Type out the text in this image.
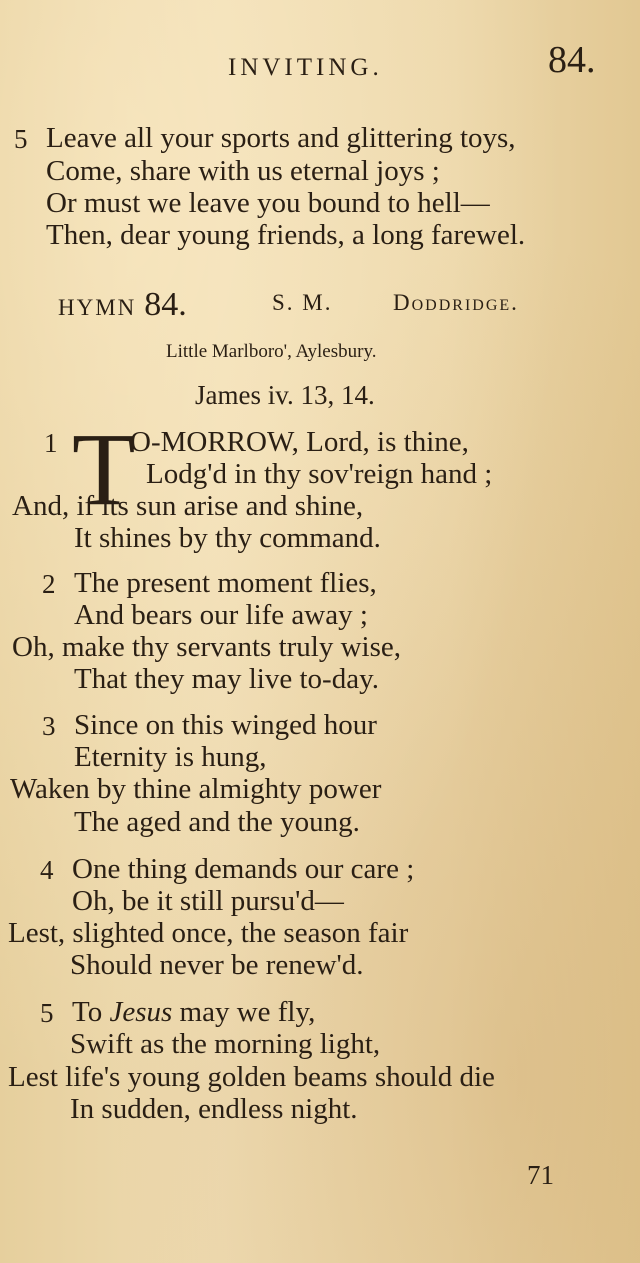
INVITING.	84.
5 Leave all your sports and glittering toys,
Come, share with us eternal joys ;
Or must we leave you bound to hell—
Then, dear young friends, a long farewel.
HYMN 84.	S. M.	Doddridge.
Little Marlboro', Aylesbury.
James iv. 13, 14.
1 T
O-MORROW, Lord, is thine,
Lodg'd in thy sov'reign hand ;
And, if its sun arise and shine,
It shines by thy command.
2 The present moment flies,
And bears our life away ;
Oh, make thy servants truly wise,
That they may live to-day.
3 Since on this winged hour
Eternity is hung,
Waken by thine almighty power
The aged and the young.
4 One thing demands our care ;
Oh, be it still pursu'd—
Lest, slighted once, the season fair
Should never be renew'd.
5 To Jesus may we fly,
Swift as the morning light,
Lest life's young golden beams should die
In sudden, endless night.
71
